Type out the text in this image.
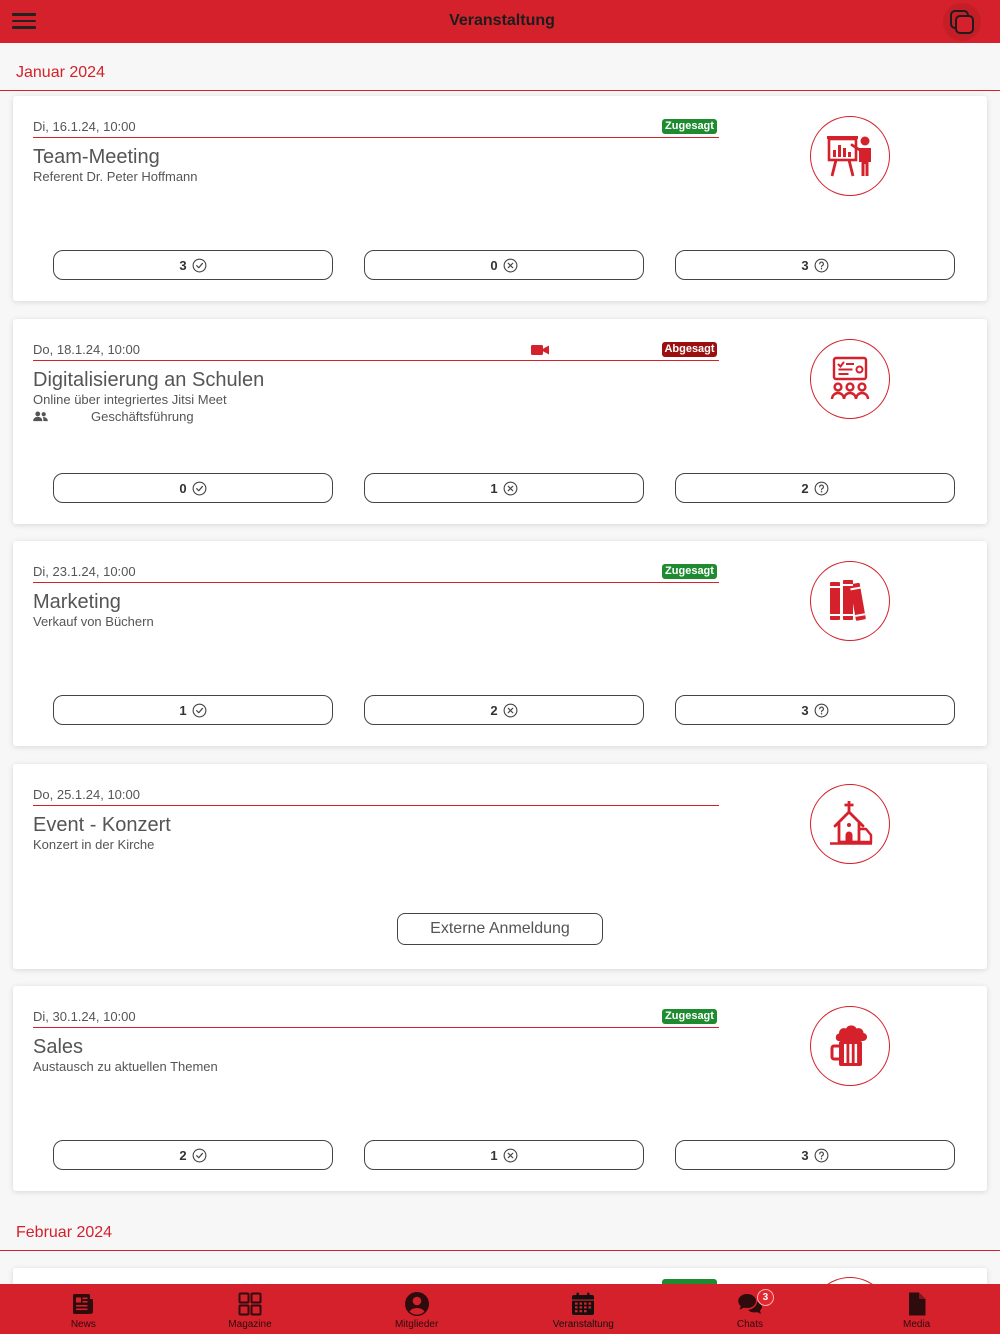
Veranstaltung
Januar 2024
Di, 16.1.24, 10:00	Zugesagt
Team-Meeting
Referent Dr. Peter Hoffmann
3	0	3
Do, 18.1.24, 10:00	Abgesagt
Digitalisierung an Schulen
Online über integriertes Jitsi Meet
Geschäftsführung
0	1	2
Di, 23.1.24, 10:00	Zugesagt
Marketing
Verkauf von Büchern
1	2	3
Do, 25.1.24, 10:00
Event - Konzert
Konzert in der Kirche
Externe Anmeldung
Di, 30.1.24, 10:00	Zugesagt
Sales
Austausch zu aktuellen Themen
2	1	3
Februar 2024
News	Magazine	Mitglieder	Veranstaltung
3
Chats	Media
